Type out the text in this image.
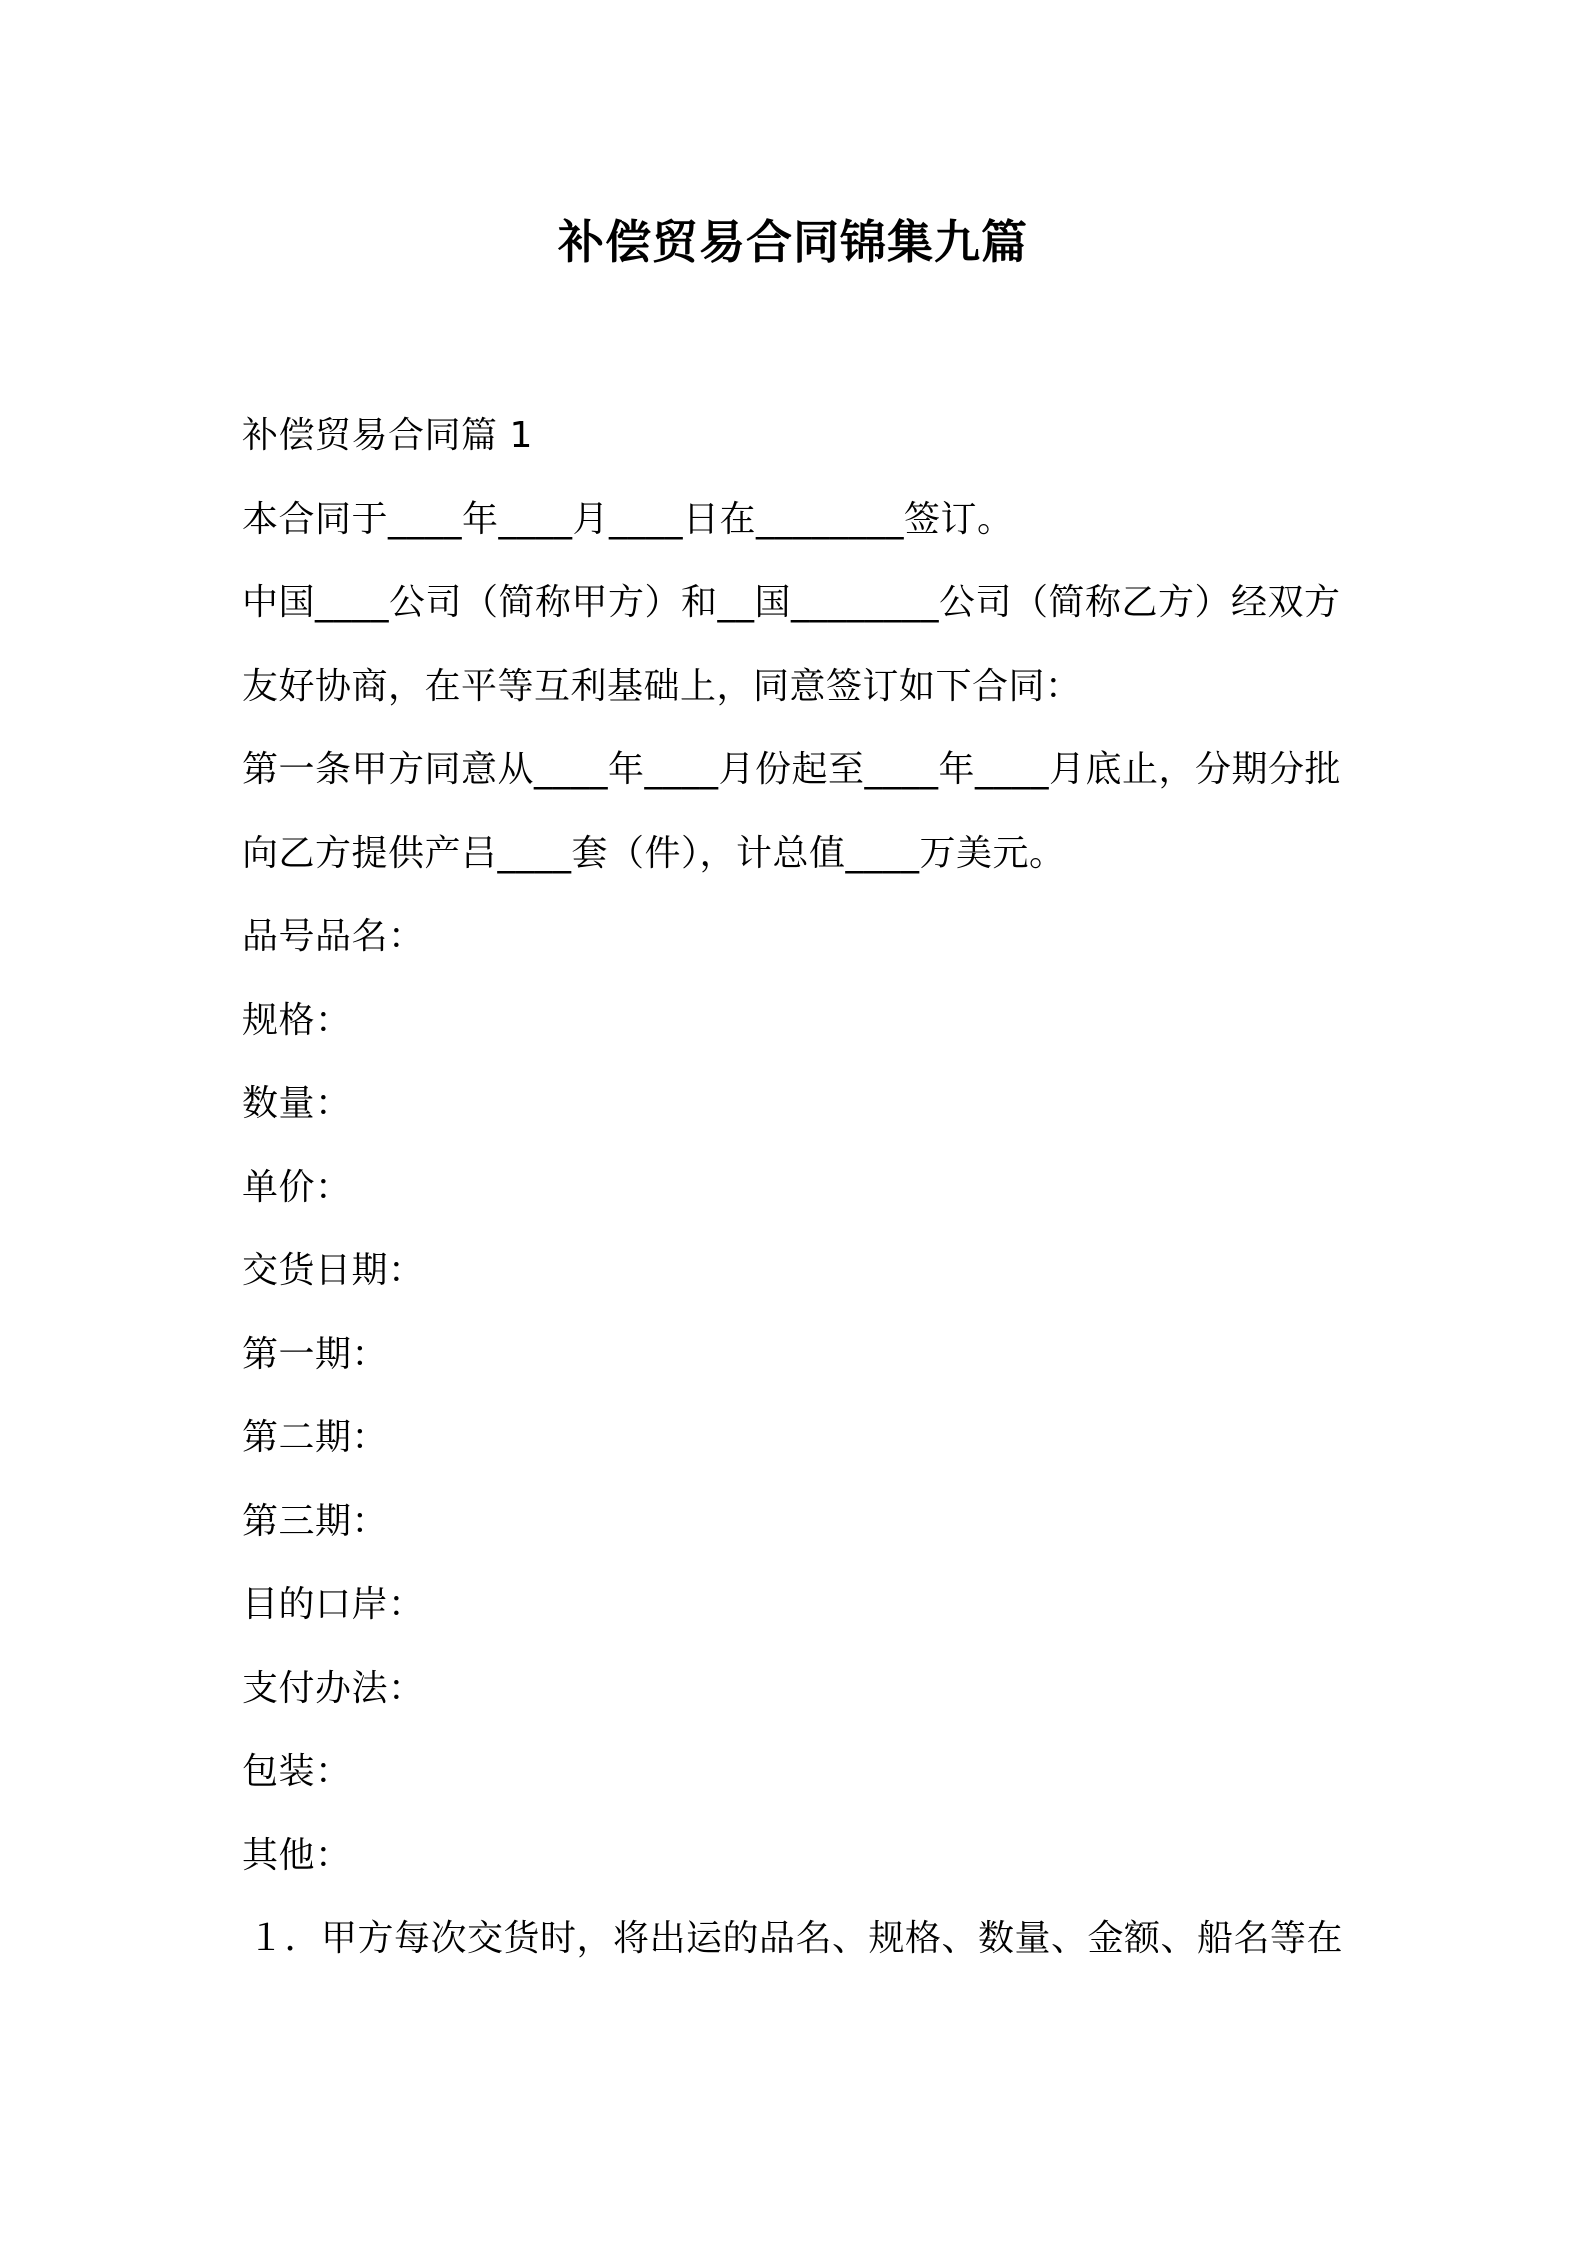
补偿贸易合同锦集九篇
补偿贸易合同篇 1
本合同于____年____月____日在________签订。
中国____公司（简称甲方）和__国________公司（简称乙方）经双方
友好协商，在平等互利基础上，同意签订如下合同：
第一条甲方同意从____年____月份起至____年____月底止，分期分批
向乙方提供产吕____套（件），计总值____万美元。
品号品名：
规格：
数量：
单价：
交货日期：
第一期：
第二期：
第三期：
目的口岸：
支付办法：
包装：
其他：
１．甲方每次交货时，将出运的品名、规格、数量、金额、船名等在
